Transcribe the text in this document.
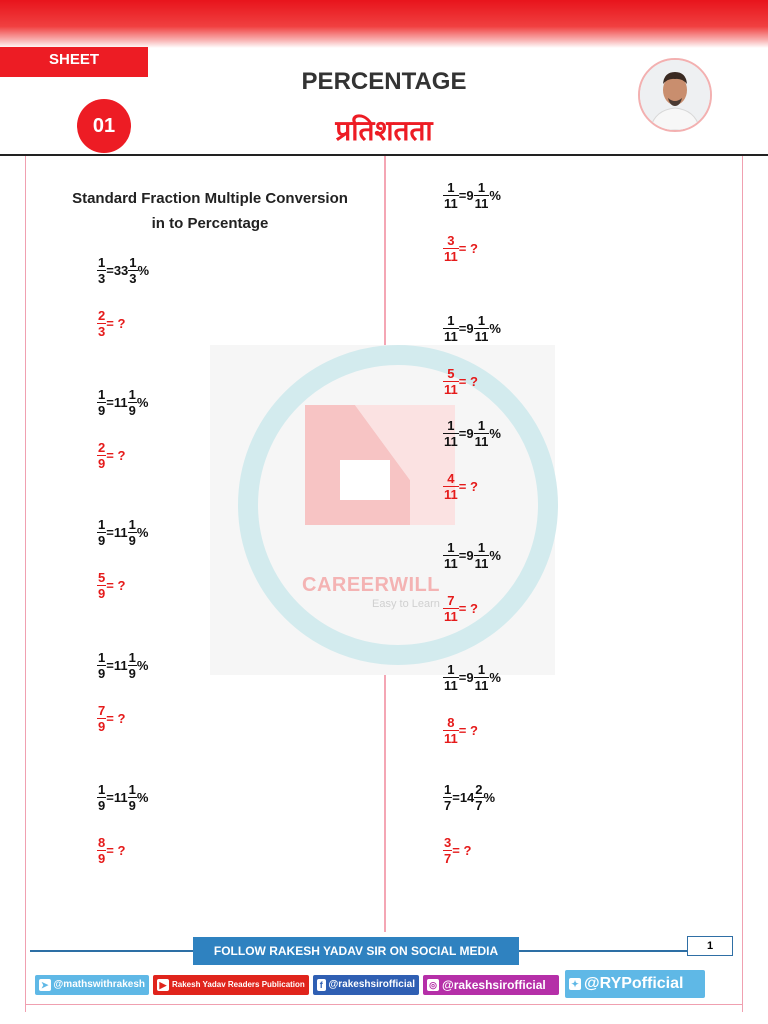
SHEET
01
PERCENTAGE
प्रतिशतता
CAREERWILL
Easy to Learn
Standard Fraction Multiple Conversion
in to Percentage
$\frac{1}{3} = 33 \frac{1}{3}$ %
$\frac{2}{3}$ = ?
$\frac{1}{9} = 11 \frac{1}{9}$ %
$\frac{2}{9}$ = ?
$\frac{1}{9} = 11 \frac{1}{9}$ %
$\frac{5}{9}$ = ?
$\frac{1}{9} = 11 \frac{1}{9}$ %
$\frac{7}{9}$ = ?
$\frac{1}{9} = 11 \frac{1}{9}$ %
$\frac{8}{9}$ = ?
$\frac{1}{11} = 9 \frac{1}{11}$ %
$\frac{3}{11}$ = ?
$\frac{1}{11} = 9 \frac{1}{11}$ %
$\frac{5}{11}$ = ?
$\frac{1}{11} = 9 \frac{1}{11}$ %
$\frac{4}{11}$ = ?
$\frac{1}{11} = 9 \frac{1}{11}$ %
$\frac{7}{11}$ = ?
$\frac{1}{11} = 9 \frac{1}{11}$ %
$\frac{8}{11}$ = ?
$\frac{1}{7} = 14 \frac{2}{7}$ %
$\frac{3}{7}$ = ?
FOLLOW RAKESH YADAV SIR ON SOCIAL MEDIA	1
➤ @mathswithrakesh ▶ Rakesh Yadav Readers Publication	f @rakeshsirofficial ◎ @rakeshsirofficial	✦ @RYPofficial
